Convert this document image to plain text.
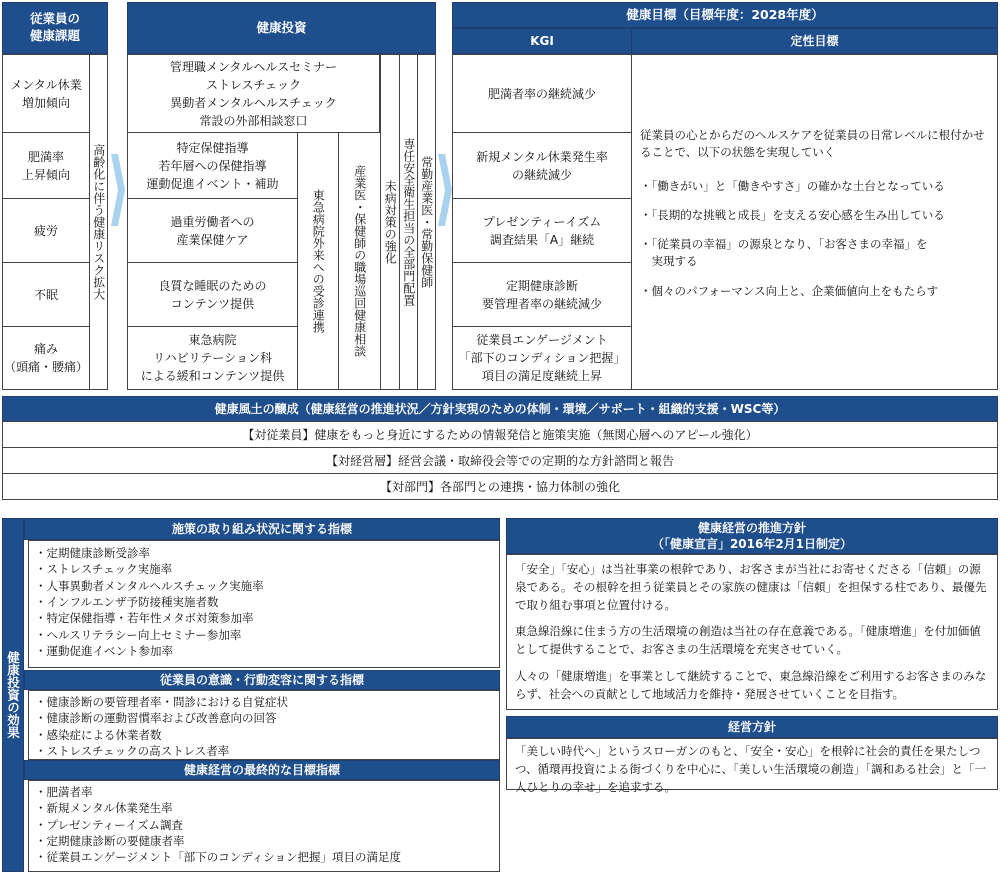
従業員の
健康課題
メンタル休業
増加傾向
肥満率
上昇傾向
疲労
不眠
痛み
（頭痛・腰痛）
高齢化に伴う健康リスク拡大
健康投資
管理職メンタルヘルスセミナー
ストレスチェック
異動者メンタルヘルスチェック
常設の外部相談窓口
特定保健指導
若年層への保健指導
運動促進イベント・補助
過重労働者への
産業保健ケア
良質な睡眠のための
コンテンツ提供
東急病院
リハビリテーション科
による緩和コンテンツ提供
東急病院外来への受診連携 産業医・保健師の職場巡回健康相談 未病対策の強化 専任安全衛生担当の全部門配置 常勤産業医・常勤保健師
健康目標（目標年度：2028年度）
KGI	定性目標
肥満者率の継続減少
新規メンタル休業発生率
の継続減少
プレゼンティーイズム
調査結果「A」継続
定期健康診断
要管理者率の継続減少
従業員エンゲージメント
「部下のコンディション把握」
項目の満足度継続上昇
従業員の心とからだのヘルスケアを従業員の日常レベルに根付かせることで、以下の状態を実現していく
・「働きがい」と「働きやすさ」の確かな土台となっている
・「長期的な挑戦と成長」を支える安心感を生み出している
・「従業員の幸福」の源泉となり、「お客さまの幸福」を
　実現する
・個々のパフォーマンス向上と、企業価値向上をもたらす
健康風土の醸成（健康経営の推進状況／方針実現のための体制・環境／サポート・組織的支援・WSC等）
【対従業員】健康をもっと身近にするための情報発信と施策実施（無関心層へのアピール強化）
【対経営層】経営会議・取締役会等での定期的な方針諮問と報告
【対部門】各部門との連携・協力体制の強化
健康投資の効果
施策の取り組み状況に関する指標
・ 定期健康診断受診率
・ ストレスチェック実施率
・ 人事異動者メンタルヘルスチェック実施率
・ インフルエンザ予防接種実施者数
・ 特定保健指導・若年性メタボ対策参加率
・ ヘルスリテラシー向上セミナー参加率
・ 運動促進イベント参加率
従業員の意識・行動変容に関する指標
・ 健康診断の要管理者率・問診における自覚症状
・ 健康診断の運動習慣率および改善意向の回答
・ 感染症による休業者数
・ ストレスチェックの高ストレス者率
健康経営の最終的な目標指標
・ 肥満者率
・ 新規メンタル休業発生率
・ プレゼンティーイズム調査
・ 定期健康診断の要健康者率
・ 従業員エンゲージメント「部下のコンディション把握」項目の満足度
健康経営の推進方針
（「健康宣言」2016年2月1日制定）

「安全」「安心」は当社事業の根幹であり、お客さまが当社にお寄せくださる「信頼」の源泉である。その根幹を担う従業員とその家族の健康は「信頼」を担保する柱であり、最優先で取り組む事項と位置付ける。

東急線沿線に住まう方の生活環境の創造は当社の存在意義である。「健康増進」を付加価値として提供することで、お客さまの生活環境を充実させていく。

人々の「健康増進」を事業として継続することで、東急線沿線をご利用するお客さまのみならず、社会への貢献として地域活力を維持・発展させていくことを目指す。

経営方針

「美しい時代へ」というスローガンのもと、「安全・安心」を根幹に社会的責任を果たしつつ、循環再投資による街づくりを中心に、「美しい生活環境の創造」「調和ある社会」と「一人ひとりの幸せ」を追求する。
